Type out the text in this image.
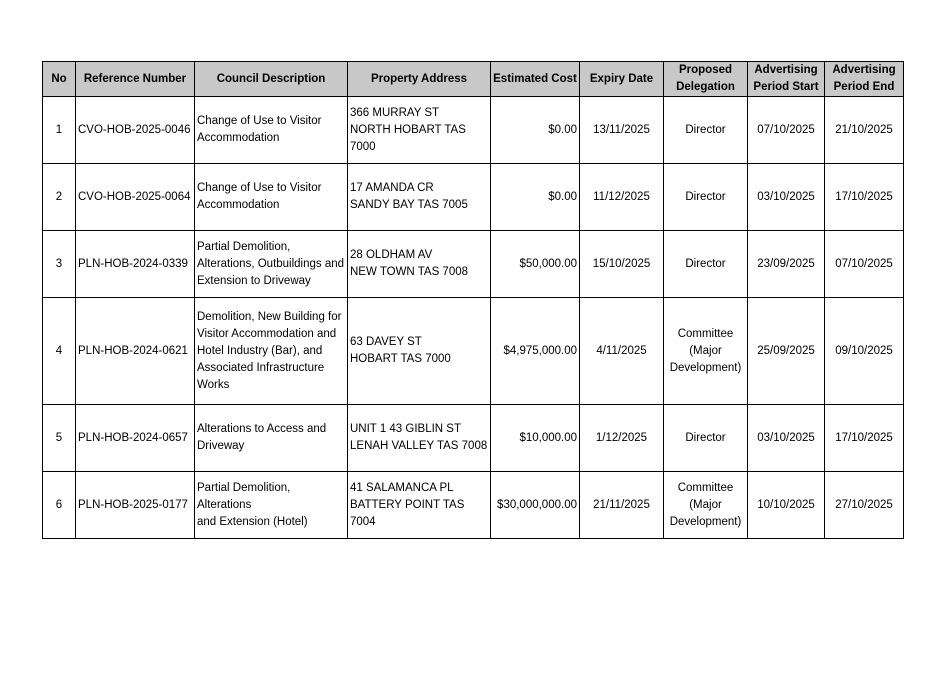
No	Reference Number	Council Description	Property Address	Estimated Cost	Expiry Date	Proposed
Delegation	Advertising
Period Start	Advertising
Period End

1	CVO-HOB-2025-0046	Change of Use to Visitor
Accommodation	366 MURRAY ST
NORTH HOBART TAS 7000	$0.00	13/11/2025	Director	07/10/2025	21/10/2025
2	CVO-HOB-2025-0064	Change of Use to Visitor
Accommodation	17 AMANDA CR
SANDY BAY TAS 7005	$0.00	11/12/2025	Director	03/10/2025	17/10/2025
3	PLN-HOB-2024-0339	Partial Demolition,
Alterations, Outbuildings and
Extension to Driveway	28 OLDHAM AV
NEW TOWN TAS 7008	$50,000.00	15/10/2025	Director	23/09/2025	07/10/2025
4	PLN-HOB-2024-0621	Demolition, New Building for
Visitor Accommodation and
Hotel Industry (Bar), and
Associated Infrastructure
Works	63 DAVEY ST
HOBART TAS 7000	$4,975,000.00	4/11/2025	Committee
(Major
Development)	25/09/2025	09/10/2025
5	PLN-HOB-2024-0657	Alterations to Access and
Driveway	UNIT 1 43 GIBLIN ST
LENAH VALLEY TAS 7008	$10,000.00	1/12/2025	Director	03/10/2025	17/10/2025
6	PLN-HOB-2025-0177	Partial Demolition, Alterations
and Extension (Hotel)	41 SALAMANCA PL
BATTERY POINT TAS 7004	$30,000,000.00	21/11/2025	Committee
(Major
Development)	10/10/2025	27/10/2025
